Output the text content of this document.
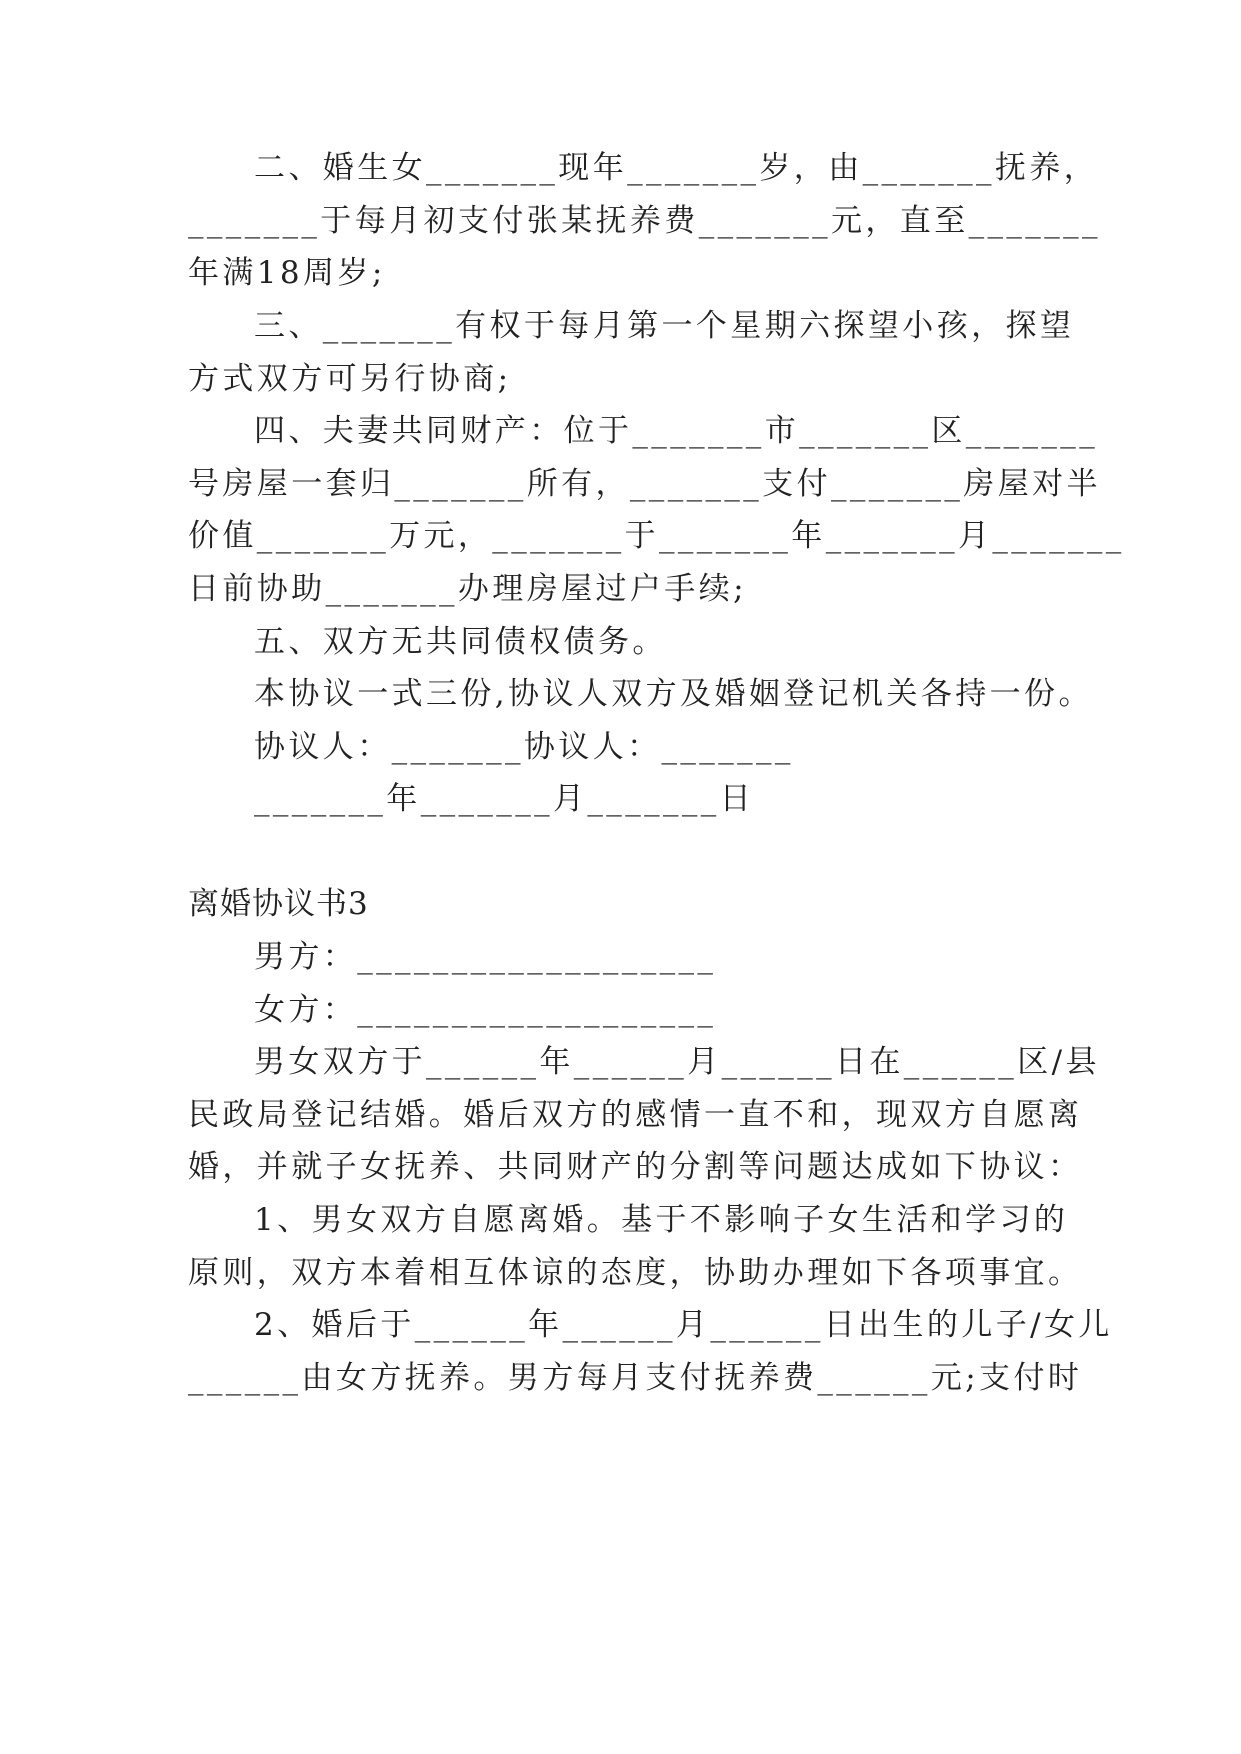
二、婚生女_______现年_______岁，由_______抚养，
_______于每月初支付张某抚养费_______元，直至_______
年满18周岁;
三、_______有权于每月第一个星期六探望小孩，探望
方式双方可另行协商;
四、夫妻共同财产：位于_______市_______区_______
号房屋一套归_______所有，_______支付_______房屋对半
价值_______万元，_______于_______年_______月_______
日前协助_______办理房屋过户手续;
五、双方无共同债权债务。
本协议一式三份,协议人双方及婚姻登记机关各持一份。
协议人：_______协议人：_______
_______年_______月_______日
离婚协议书3
男方：___________________
女方：___________________
男女双方于______年______月______日在______区/县
民政局登记结婚。婚后双方的感情一直不和，现双方自愿离
婚，并就子女抚养、共同财产的分割等问题达成如下协议：
1、男女双方自愿离婚。基于不影响子女生活和学习的
原则，双方本着相互体谅的态度，协助办理如下各项事宜。
2、婚后于______年______月______日出生的儿子/女儿
______由女方抚养。男方每月支付抚养费______元;支付时
